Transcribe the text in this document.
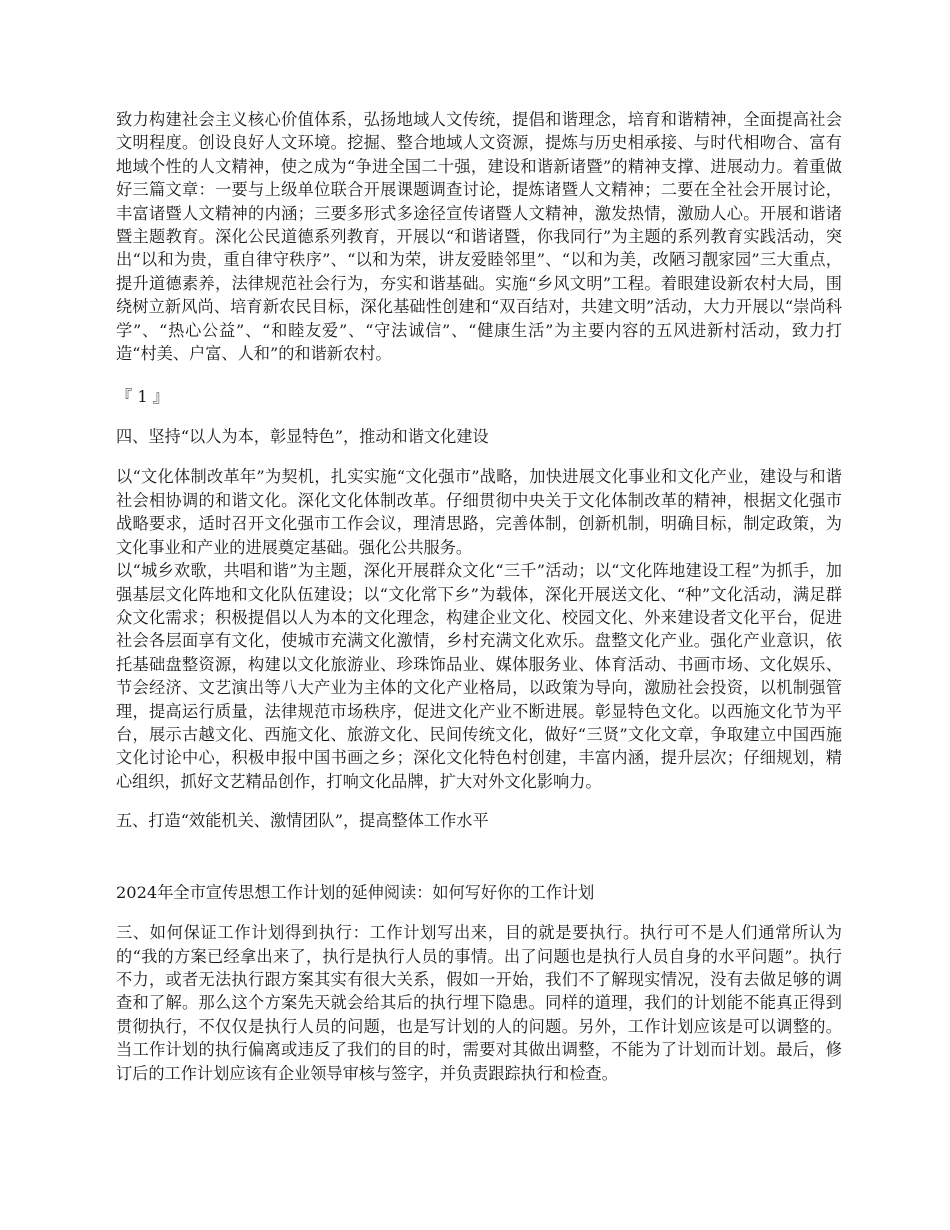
致力构建社会主义核心价值体系，弘扬地域人文传统，提倡和谐理念，培育和谐精神，全面提高社会文明程度。创设良好人文环境。挖掘、整合地域人文资源，提炼与历史相承接、与时代相吻合、富有地域个性的人文精神，使之成为“争进全国二十强，建设和谐新诸暨”的精神支撑、进展动力。着重做好三篇文章：一要与上级单位联合开展课题调查讨论，提炼诸暨人文精神；二要在全社会开展讨论，丰富诸暨人文精神的内涵；三要多形式多途径宣传诸暨人文精神，激发热情，激励人心。开展和谐诸暨主题教育。深化公民道德系列教育，开展以“和谐诸暨，你我同行”为主题的系列教育实践活动，突出“以和为贵，重自律守秩序”、“以和为荣，讲友爱睦邻里”、“以和为美，改陋习靓家园”三大重点，提升道德素养，法律规范社会行为，夯实和谐基础。实施“乡风文明”工程。着眼建设新农村大局，围绕树立新风尚、培育新农民目标，深化基础性创建和“双百结对，共建文明”活动，大力开展以“崇尚科学”、“热心公益”、“和睦友爱”、“守法诚信”、“健康生活”为主要内容的五风进新村活动，致力打造“村美、户富、人和”的和谐新农村。

『 1 』

四、坚持“以人为本，彰显特色”，推动和谐文化建设

以“文化体制改革年”为契机，扎实实施“文化强市”战略，加快进展文化事业和文化产业，建设与和谐社会相协调的和谐文化。深化文化体制改革。仔细贯彻中央关于文化体制改革的精神，根据文化强市战略要求，适时召开文化强市工作会议，理清思路，完善体制，创新机制，明确目标，制定政策，为文化事业和产业的进展奠定基础。强化公共服务。

以“城乡欢歌，共唱和谐”为主题，深化开展群众文化“三千”活动；以“文化阵地建设工程”为抓手，加强基层文化阵地和文化队伍建设；以“文化常下乡”为载体，深化开展送文化、“种”文化活动，满足群众文化需求；积极提倡以人为本的文化理念，构建企业文化、校园文化、外来建设者文化平台，促进社会各层面享有文化，使城市充满文化激情，乡村充满文化欢乐。盘整文化产业。强化产业意识，依托基础盘整资源，构建以文化旅游业、珍珠饰品业、媒体服务业、体育活动、书画市场、文化娱乐、节会经济、文艺演出等八大产业为主体的文化产业格局，以政策为导向，激励社会投资，以机制强管理，提高运行质量，法律规范市场秩序，促进文化产业不断进展。彰显特色文化。以西施文化节为平台，展示古越文化、西施文化、旅游文化、民间传统文化，做好“三贤”文化文章，争取建立中国西施文化讨论中心，积极申报中国书画之乡；深化文化特色村创建，丰富内涵，提升层次；仔细规划，精心组织，抓好文艺精品创作，打响文化品牌，扩大对外文化影响力。

五、打造“效能机关、激情团队”，提高整体工作水平

2024年全市宣传思想工作计划的延伸阅读：如何写好你的工作计划

三、如何保证工作计划得到执行：工作计划写出来，目的就是要执行。执行可不是人们通常所认为的“我的方案已经拿出来了，执行是执行人员的事情。出了问题也是执行人员自身的水平问题”。执行不力，或者无法执行跟方案其实有很大关系，假如一开始，我们不了解现实情况，没有去做足够的调查和了解。那么这个方案先天就会给其后的执行埋下隐患。同样的道理，我们的计划能不能真正得到贯彻执行，不仅仅是执行人员的问题，也是写计划的人的问题。另外，工作计划应该是可以调整的。当工作计划的执行偏离或违反了我们的目的时，需要对其做出调整，不能为了计划而计划。最后，修订后的工作计划应该有企业领导审核与签字，并负责跟踪执行和检查。
